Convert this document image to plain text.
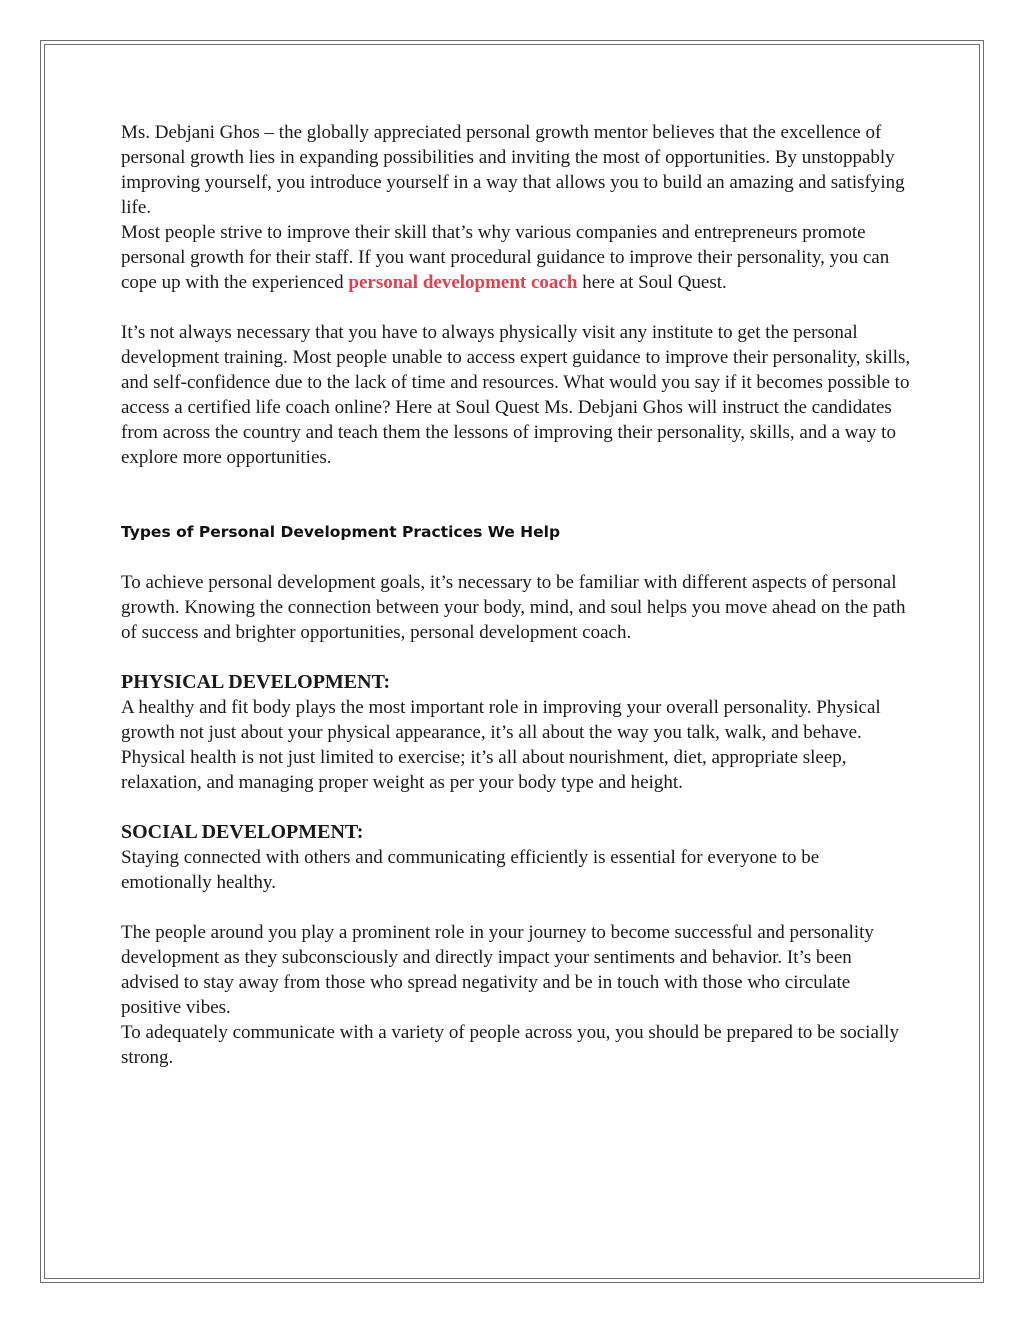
Ms. Debjani Ghos – the globally appreciated personal growth mentor believes that the excellence of personal growth lies in expanding possibilities and inviting the most of opportunities. By unstoppably improving yourself, you introduce yourself in a way that allows you to build an amazing and satisfying life.

Most people strive to improve their skill that’s why various companies and entrepreneurs promote personal growth for their staff. If you want procedural guidance to improve their personality, you can cope up with the experienced personal development coach here at Soul Quest.

It’s not always necessary that you have to always physically visit any institute to get the personal development training. Most people unable to access expert guidance to improve their personality, skills, and self-confidence due to the lack of time and resources. What would you say if it becomes possible to access a certified life coach online? Here at Soul Quest Ms. Debjani Ghos will instruct the candidates from across the country and teach them the lessons of improving their personality, skills, and a way to explore more opportunities.

Types of Personal Development Practices We Help

To achieve personal development goals, it’s necessary to be familiar with different aspects of personal growth. Knowing the connection between your body, mind, and soul helps you move ahead on the path of success and brighter opportunities, personal development coach.

PHYSICAL DEVELOPMENT:

A healthy and fit body plays the most important role in improving your overall personality. Physical growth not just about your physical appearance, it’s all about the way you talk, walk, and behave.

Physical health is not just limited to exercise; it’s all about nourishment, diet, appropriate sleep, relaxation, and managing proper weight as per your body type and height.

SOCIAL DEVELOPMENT:

Staying connected with others and communicating efficiently is essential for everyone to be emotionally healthy.

The people around you play a prominent role in your journey to become successful and personality development as they subconsciously and directly impact your sentiments and behavior. It’s been advised to stay away from those who spread negativity and be in touch with those who circulate positive vibes.

To adequately communicate with a variety of people across you, you should be prepared to be socially strong.
